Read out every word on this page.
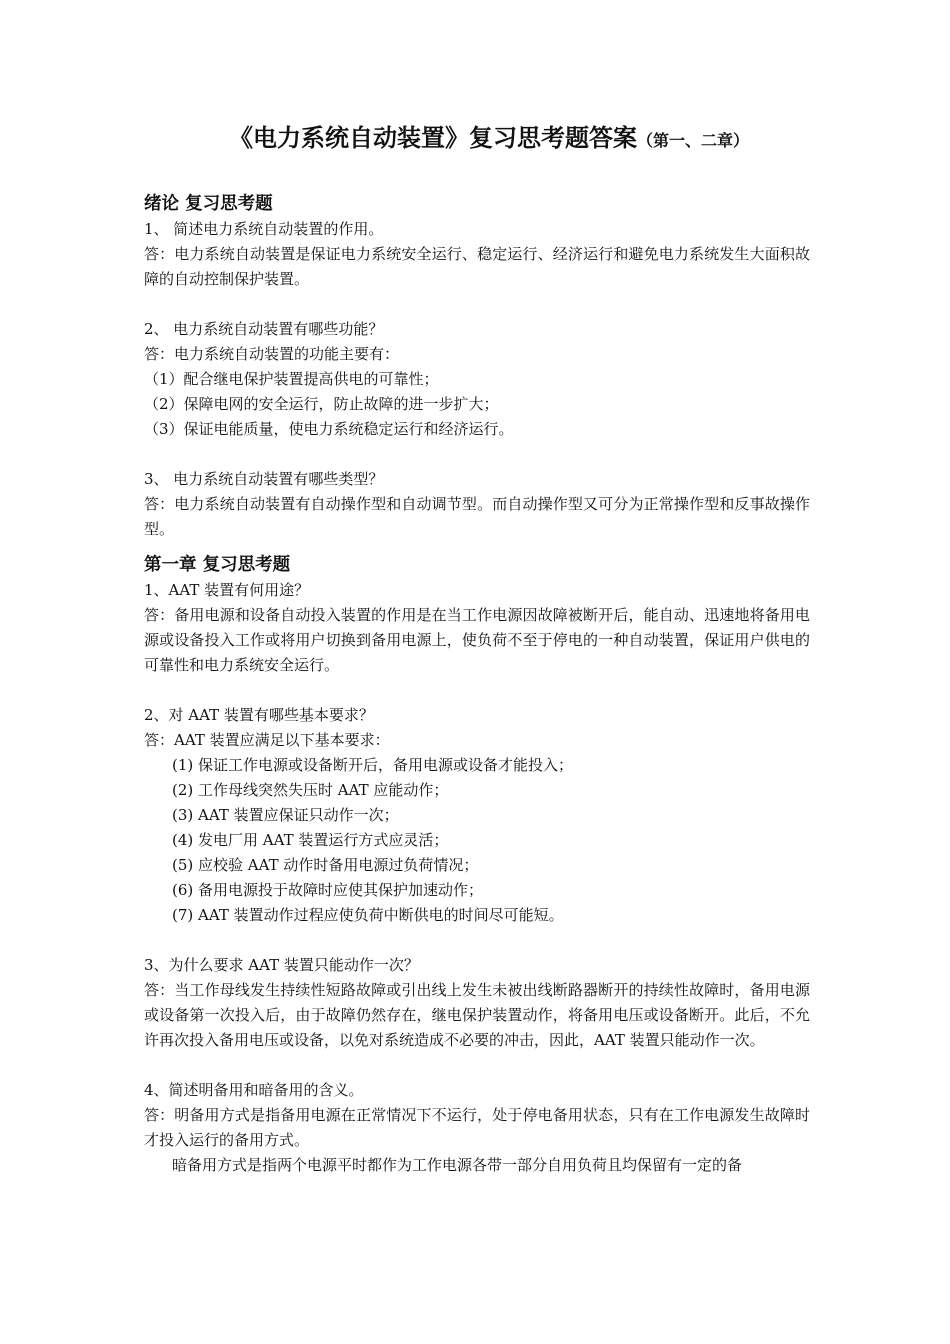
《电力系统自动装置》复习思考题答案（第一、二章）
绪论 复习思考题

1、 简述电力系统自动装置的作用。

答：电力系统自动装置是保证电力系统安全运行、稳定运行、经济运行和避免电力系统发生大面积故障的自动控制保护装置。

2、 电力系统自动装置有哪些功能？

答：电力系统自动装置的功能主要有：

（1）配合继电保护装置提高供电的可靠性；

（2）保障电网的安全运行，防止故障的进一步扩大；

（3）保证电能质量，使电力系统稳定运行和经济运行。

3、 电力系统自动装置有哪些类型？

答：电力系统自动装置有自动操作型和自动调节型。而自动操作型又可分为正常操作型和反事故操作型。

第一章 复习思考题

1、AAT 装置有何用途？

答：备用电源和设备自动投入装置的作用是在当工作电源因故障被断开后，能自动、迅速地将备用电源或设备投入工作或将用户切换到备用电源上，使负荷不至于停电的一种自动装置，保证用户供电的可靠性和电力系统安全运行。

2、对 AAT 装置有哪些基本要求？

答：AAT 装置应满足以下基本要求：

(1) 保证工作电源或设备断开后，备用电源或设备才能投入；

(2) 工作母线突然失压时 AAT 应能动作；

(3) AAT 装置应保证只动作一次；

(4) 发电厂用 AAT 装置运行方式应灵活；

(5) 应校验 AAT 动作时备用电源过负荷情况；

(6) 备用电源投于故障时应使其保护加速动作；

(7) AAT 装置动作过程应使负荷中断供电的时间尽可能短。

3、为什么要求 AAT 装置只能动作一次？

答：当工作母线发生持续性短路故障或引出线上发生未被出线断路器断开的持续性故障时，备用电源或设备第一次投入后，由于故障仍然存在，继电保护装置动作，将备用电压或设备断开。此后，不允许再次投入备用电压或设备，以免对系统造成不必要的冲击，因此，AAT 装置只能动作一次。

4、简述明备用和暗备用的含义。

答：明备用方式是指备用电源在正常情况下不运行，处于停电备用状态，只有在工作电源发生故障时才投入运行的备用方式。

暗备用方式是指两个电源平时都作为工作电源各带一部分自用负荷且均保留有一定的备
